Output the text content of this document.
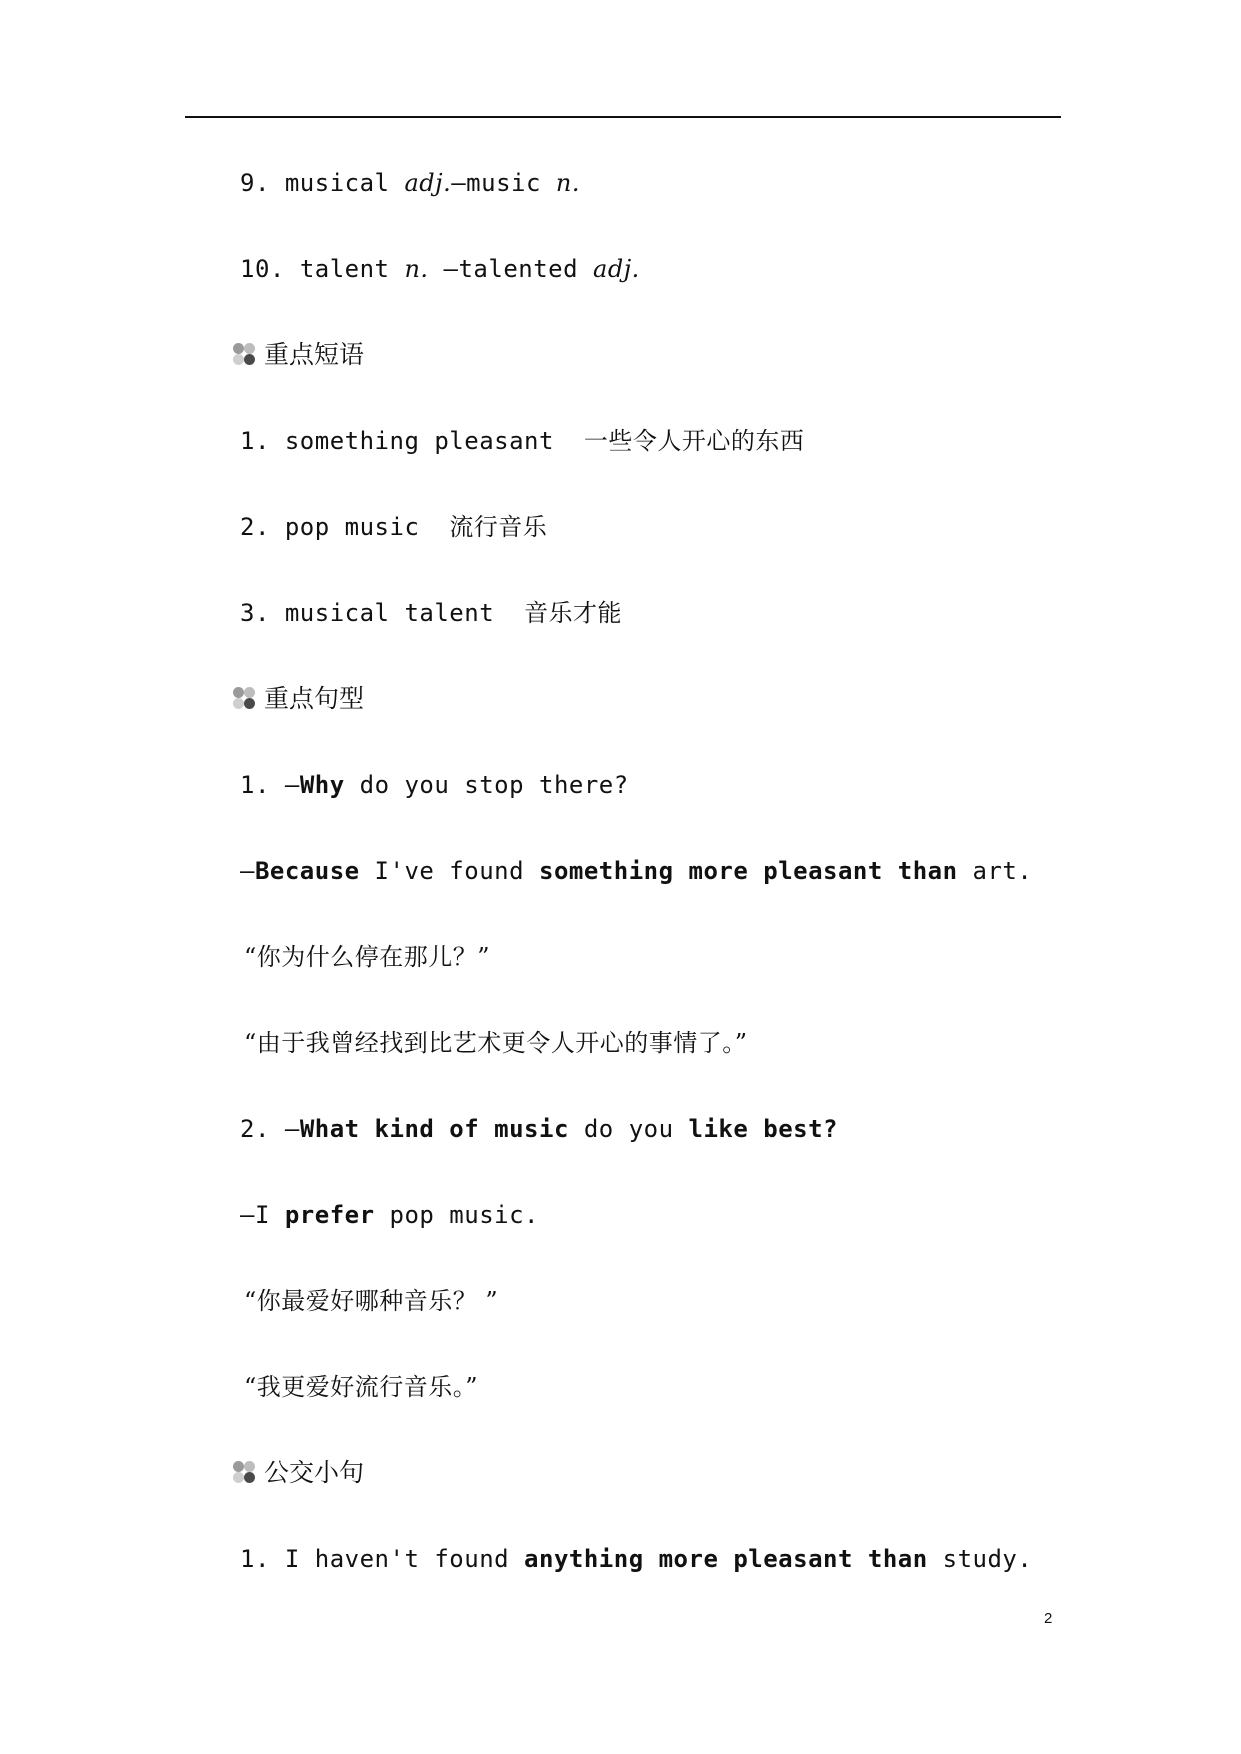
9. musical adj.—music n.
10. talent n. —talented adj.
重点短语
1. something pleasant 一些令人开心的东西
2. pop music 流行音乐
3. musical talent 音乐才能
重点句型
1. —Why do you stop there?
—Because I've found something more pleasant than art.
“你为什么停在那儿？”
“由于我曾经找到比艺术更令人开心的事情了。”
2. —What kind of music do you like best?
—I prefer pop music.
“你最爱好哪种音乐？ ”
“我更爱好流行音乐。”
公交小句
1. I haven't found anything more pleasant than study.
2
